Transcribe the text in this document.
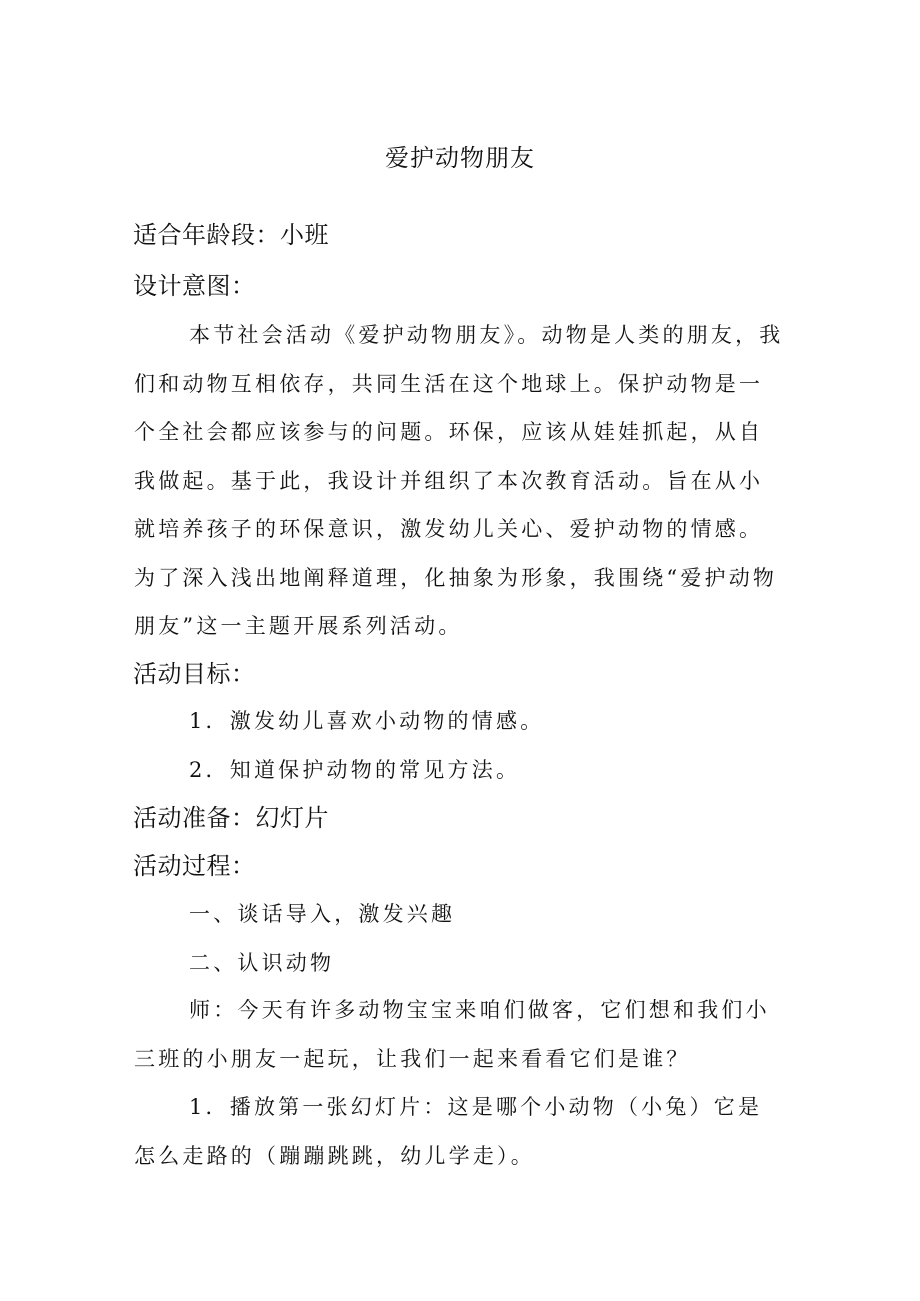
爱护动物朋友
适合年龄段：小班
设计意图：
本节社会活动《爱护动物朋友》。动物是人类的朋友，我们和动物互相依存，共同生活在这个地球上。保护动物是一个全社会都应该参与的问题。环保，应该从娃娃抓起，从自我做起。基于此，我设计并组织了本次教育活动。旨在从小就培养孩子的环保意识，激发幼儿关心、爱护动物的情感。为了深入浅出地阐释道理，化抽象为形象，我围绕“爱护动物朋友”这一主题开展系列活动。
活动目标：
1．激发幼儿喜欢小动物的情感。
2．知道保护动物的常见方法。
活动准备：幻灯片
活动过程：
一、谈话导入，激发兴趣
二、认识动物
师：今天有许多动物宝宝来咱们做客，它们想和我们小三班的小朋友一起玩，让我们一起来看看它们是谁？
1．播放第一张幻灯片：这是哪个小动物（小兔）它是
怎么走路的（蹦蹦跳跳，幼儿学走）。
